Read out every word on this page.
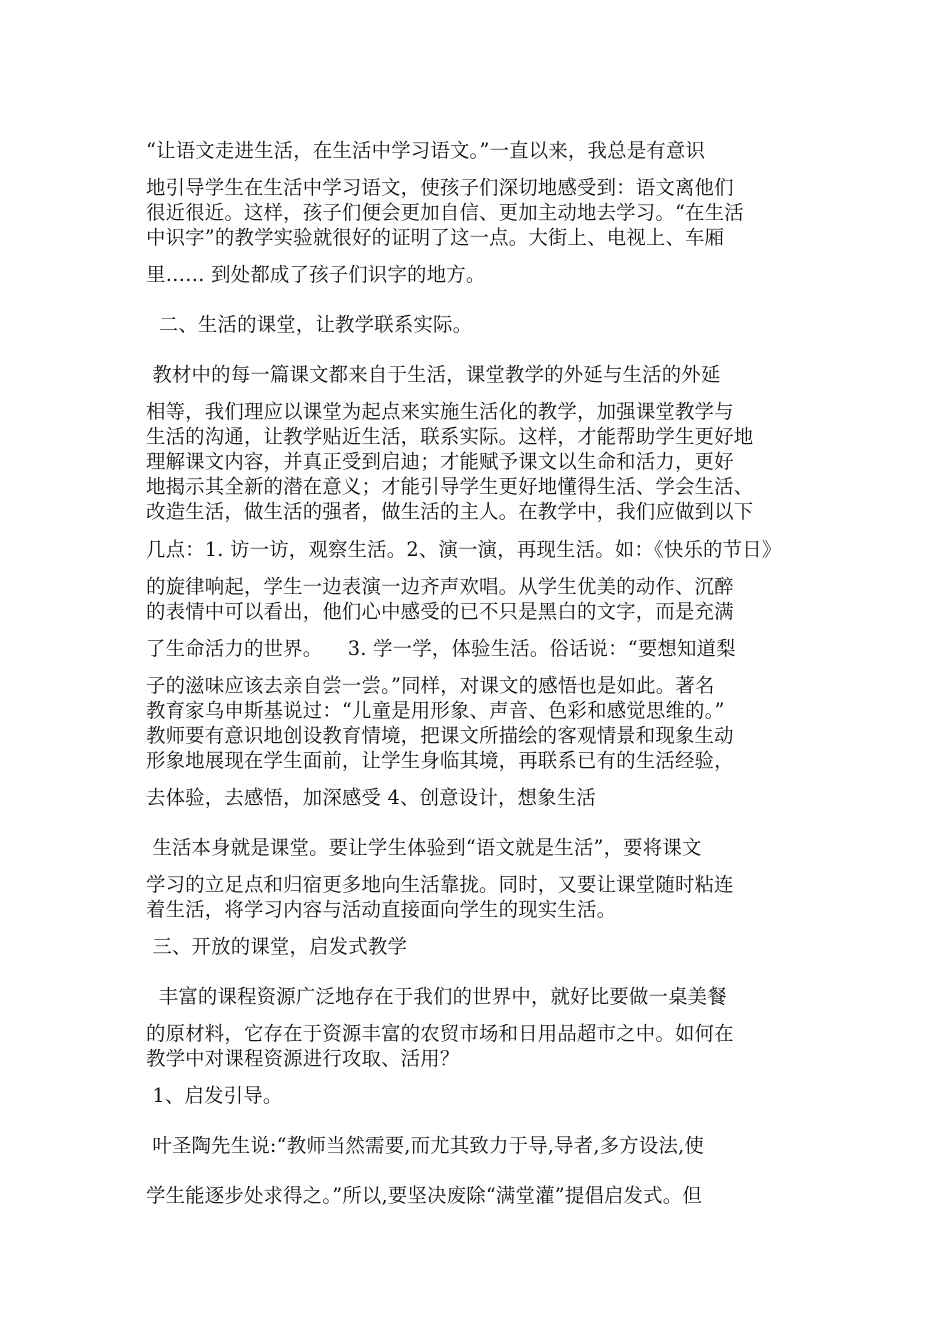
“让语文走进生活，在生活中学习语文。”一直以来，我总是有意识
地引导学生在生活中学习语文，使孩子们深切地感受到：语文离他们
很近很近。这样，孩子们便会更加自信、更加主动地去学习。“在生活
中识字”的教学实验就很好的证明了这一点。大街上、电视上、车厢
里…… 到处都成了孩子们识字的地方。
二、生活的课堂，让教学联系实际。
教材中的每一篇课文都来自于生活，课堂教学的外延与生活的外延
相等，我们理应以课堂为起点来实施生活化的教学，加强课堂教学与
生活的沟通，让教学贴近生活，联系实际。这样，才能帮助学生更好地
理解课文内容，并真正受到启迪；才能赋予课文以生命和活力，更好
地揭示其全新的潜在意义；才能引导学生更好地懂得生活、学会生活、
改造生活，做生活的强者，做生活的主人。在教学中，我们应做到以下
几点：1. 访一访，观察生活。2、演一演，再现生活。如：《快乐的节日》
的旋律响起，学生一边表演一边齐声欢唱。从学生优美的动作、沉醉
的表情中可以看出，他们心中感受的已不只是黑白的文字，而是充满
了生命活力的世界。    3. 学一学，体验生活。俗话说：“要想知道梨
子的滋味应该去亲自尝一尝。”同样，对课文的感悟也是如此。著名
教育家乌申斯基说过：“儿童是用形象、声音、色彩和感觉思维的。”
教师要有意识地创设教育情境，把课文所描绘的客观情景和现象生动
形象地展现在学生面前，让学生身临其境，再联系已有的生活经验，
去体验，去感悟，加深感受 4、创意设计，想象生活
生活本身就是课堂。要让学生体验到“语文就是生活”，要将课文
学习的立足点和归宿更多地向生活靠拢。同时，又要让课堂随时粘连
着生活，将学习内容与活动直接面向学生的现实生活。
三、开放的课堂，启发式教学
丰富的课程资源广泛地存在于我们的世界中，就好比要做一桌美餐
的原材料，它存在于资源丰富的农贸市场和日用品超市之中。如何在
教学中对课程资源进行攻取、活用？
1、启发引导。
叶圣陶先生说:“教师当然需要,而尤其致力于导,导者,多方设法,使
学生能逐步处求得之。”所以,要坚决废除“满堂灌”提倡启发式。但
